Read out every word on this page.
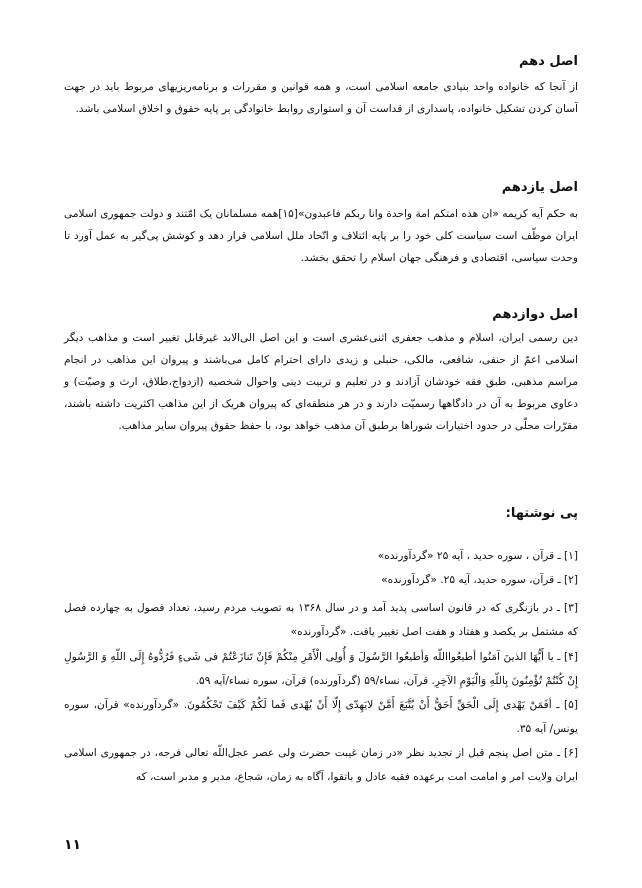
اصل دهم

از آنجا که خانواده واحد بنیادی جامعه اسلامی است، و همه قوانین و مقررات و برنامه‌ریزیهای مربوط باید در جهت آسان کردن تشکیل خانواده، پاسداری از قداست آن و استواری روابط خانوادگی بر پایه حقوق و اخلاق اسلامی باشد.

اصل یازدهم

به حکم آیه کریمه «ان هذه امتکم امة واحدة وانا ربکم فاعبدون»[۱۵]همه مسلمانان یک امّتند و دولت جمهوری اسلامی ایران موظّف است سیاست کلی خود را بر پایه ائتلاف و اتّحاد ملل اسلامی قرار دهد و کوشش پی‌گیر به عمل آورد تا وحدت سیاسی، اقتصادی و فرهنگی جهان اسلام را تحقق بخشد.

اصل دوازدهم

دین رسمی ایران، اسلام و مذهب جعفری اثنی‌عشری است و این اصل الی‌الابد غیرقابل تغییر است و مذاهب دیگر اسلامی اعمّ از حنفی، شافعی، مالکی، حنبلی و زیدی دارای احترام کامل می‌باشند و پیروان این مذاهب در انجام مراسم مذهبی، طبق فقه خودشان آزادند و در تعلیم و تربیت دینی واحوال شخصیه (ازدواج،طلاق، ارث و وصیّت) و دعاوی مربوط به آن در دادگاهها رسمیّت دارند و در هر منطقه‌ای که پیروان هریک از این مذاهب اکثریت داشته باشند، مقرّرات محلّی در حدود اختیارات شوراها برطبق آن مذهب خواهد بود، با حفظ حقوق پیروان سایر مذاهب.

پی نوشتها:

[۱] ـ قرآن ، سوره حدید ، آیه ۲۵ «گردآورنده»

[۲] ـ قرآن، سوره حدید، آیه ۲۵. «گردآورنده»

[۳] ـ در بازنگری که در قانون اساسی پدید آمد و در سال ۱۳۶۸ به تصویب مردم رسید، تعداد فصول به چهارده فصل که مشتمل بر یکصد و هفتاد و هفت اصل تغییر یافت. «گردآورنده»

[۴] ـ یا أَیُّهَا الذینَ آمَنُوا أطیعُوااللّه وَأطیعُوا الرَّسُولَ وَ أُولِی الْأَمْرِ مِنْکُمْ فَإِنْ تَنازَعْتُمْ فی شَیءٍ فَرُدُّوهُ إِلَی اللّهِ وَ الرَّسُولِ إِنْ کُنْتُمْ تُؤْمِنُونَ بِاللّهِ وَالْیَوْمِ الآخِرِ. قرآن، نساء/۵۹ (گردآورنده) قرآن، سوره نساء/آیه ۵۹.

[۵] ـ أفَمَنْ یَهْدی إِلَی الْحَقِّ أَحَقُّ أَنْ یُتَّبَعَ أَمَّنْ لایَهِدّی إِلّا أَنْ یُهْدی فَما لَکُمْ کَیْفَ تَحْکُمُونَ. «گردآورنده» قرآن، سوره یونس/ آیه ۳۵.

[۶] ـ متن اصل پنجم قبل از تجدید نظر «در زمان غیبت حضرت ولی عصر عجل‌اللّه تعالی فرجه، در جمهوری اسلامی ایران ولایت امر و امامت امت برعهده فقیه عادل و باتقوا، آگاه به زمان، شجاع، مدیر و مدبر است، که

۱۱
